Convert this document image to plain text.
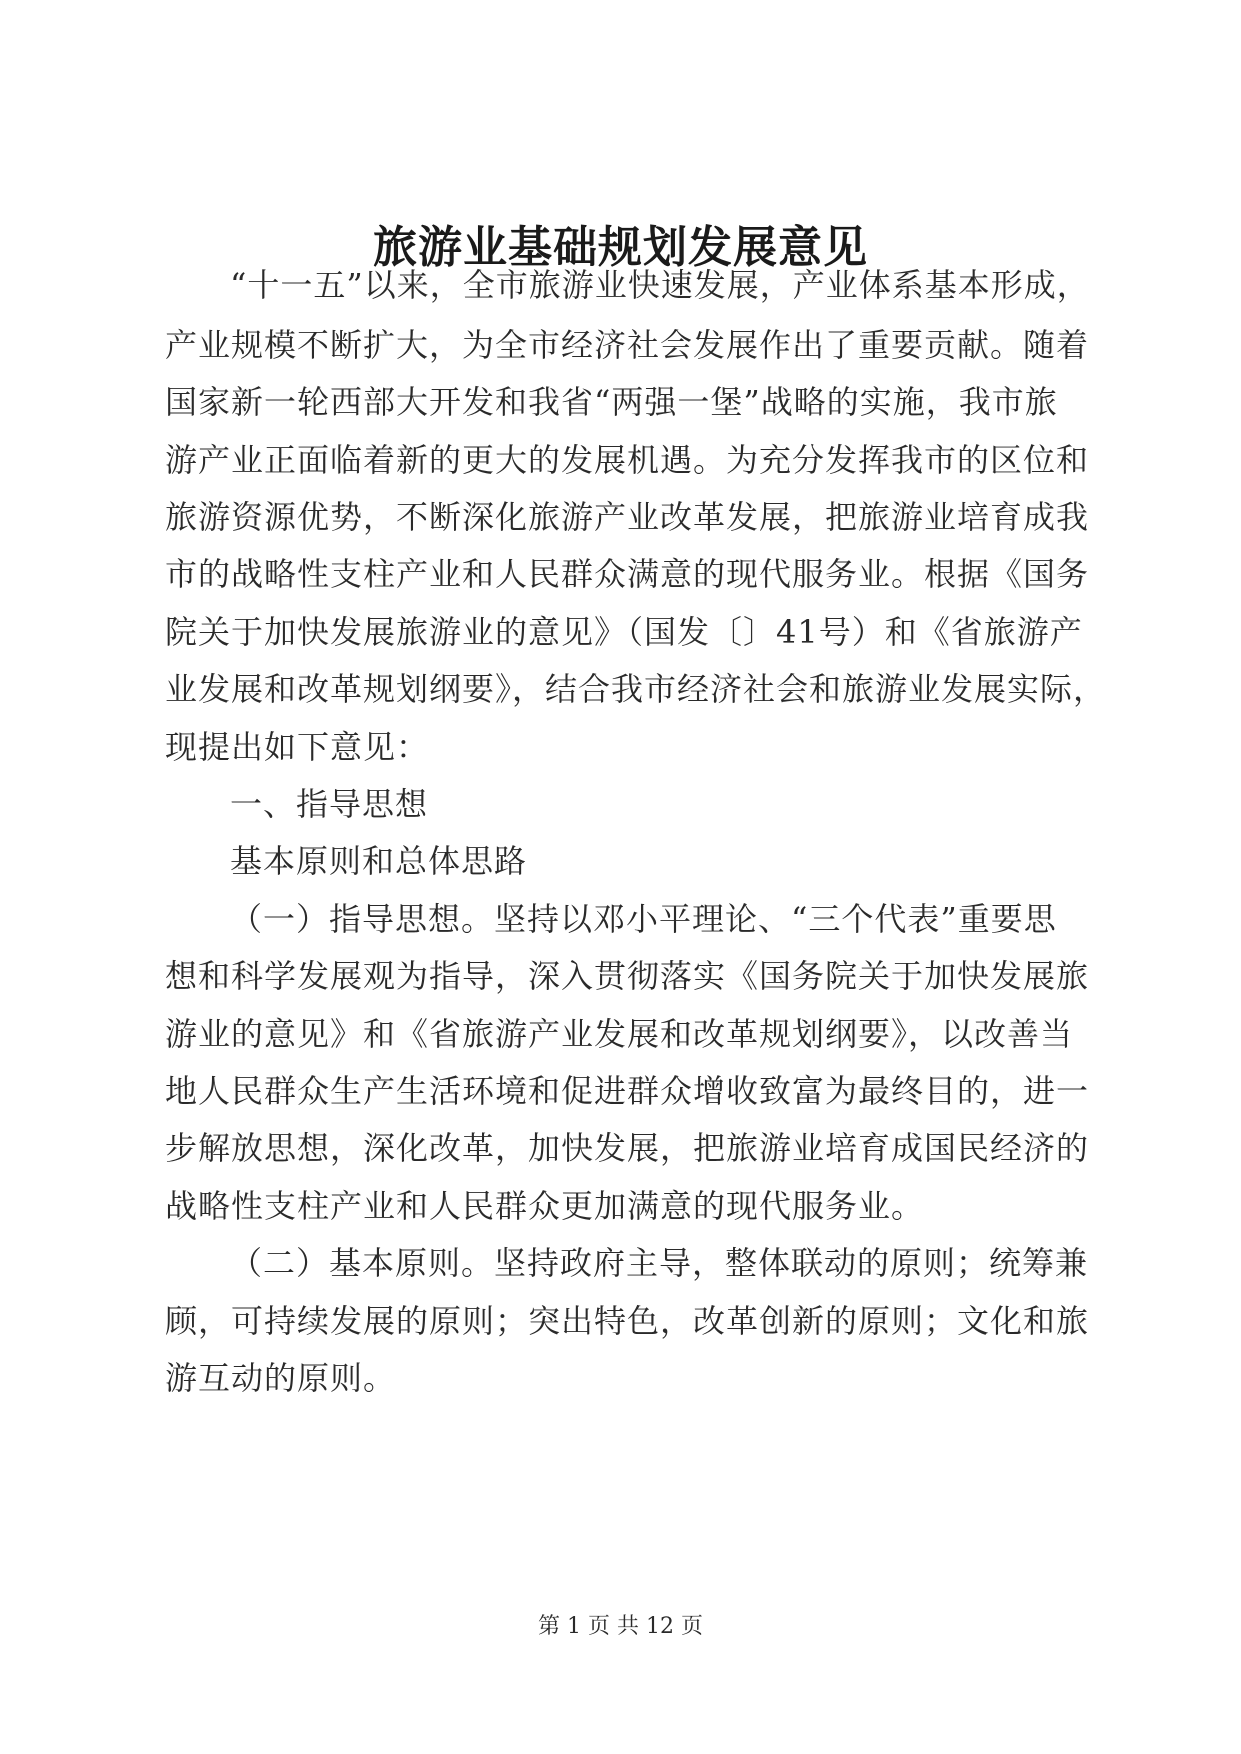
旅游业基础规划发展意见
“十一五”以来，全市旅游业快速发展，产业体系基本形成，
产业规模不断扩大，为全市经济社会发展作出了重要贡献。随着
国家新一轮西部大开发和我省“两强一堡”战略的实施，我市旅
游产业正面临着新的更大的发展机遇。为充分发挥我市的区位和
旅游资源优势，不断深化旅游产业改革发展，把旅游业培育成我
市的战略性支柱产业和人民群众满意的现代服务业。根据《国务
院关于加快发展旅游业的意见》（国发〔〕41号）和《省旅游产
业发展和改革规划纲要》，结合我市经济社会和旅游业发展实际，
现提出如下意见：
一、指导思想
基本原则和总体思路
（一）指导思想。坚持以邓小平理论、“三个代表”重要思
想和科学发展观为指导，深入贯彻落实《国务院关于加快发展旅
游业的意见》和《省旅游产业发展和改革规划纲要》，以改善当
地人民群众生产生活环境和促进群众增收致富为最终目的，进一
步解放思想，深化改革，加快发展，把旅游业培育成国民经济的
战略性支柱产业和人民群众更加满意的现代服务业。
（二）基本原则。坚持政府主导，整体联动的原则；统筹兼
顾，可持续发展的原则；突出特色，改革创新的原则；文化和旅
游互动的原则。
第 1 页 共 12 页
